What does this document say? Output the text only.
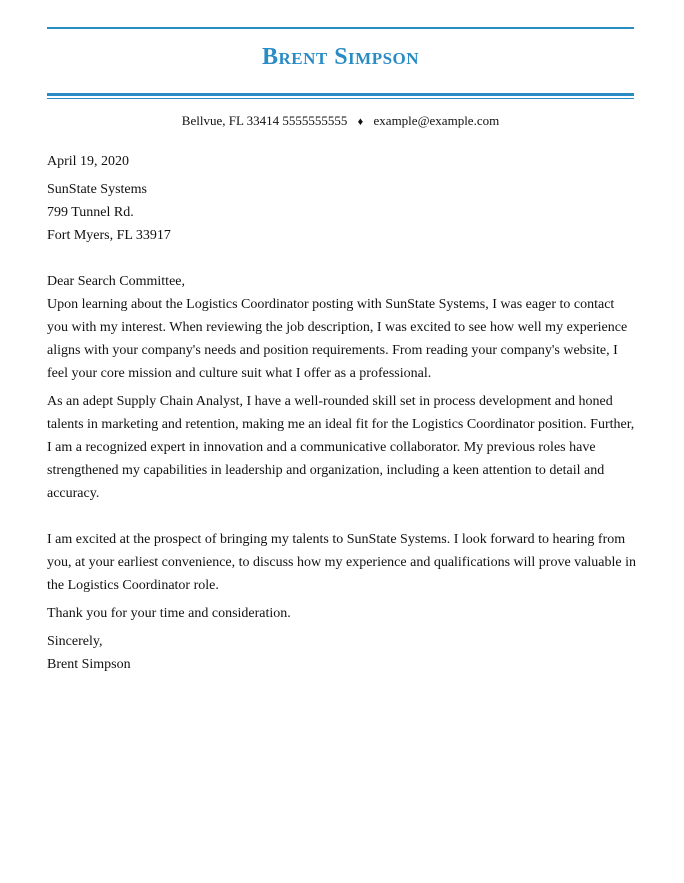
Brent Simpson
Bellvue, FL 33414 5555555555 ♦ example@example.com

April 19, 2020

SunState Systems

799 Tunnel Rd.

Fort Myers, FL 33917

Dear Search Committee,

Upon learning about the Logistics Coordinator posting with SunState Systems, I was eager to contact you with my interest. When reviewing the job description, I was excited to see how well my experience aligns with your company's needs and position requirements. From reading your company's website, I feel your core mission and culture suit what I offer as a professional.

As an adept Supply Chain Analyst, I have a well-rounded skill set in process development and honed talents in marketing and retention, making me an ideal fit for the Logistics Coordinator position. Further, I am a recognized expert in innovation and a communicative collaborator. My previous roles have strengthened my capabilities in leadership and organization, including a keen attention to detail and accuracy.

I am excited at the prospect of bringing my talents to SunState Systems. I look forward to hearing from you, at your earliest convenience, to discuss how my experience and qualifications will prove valuable in the Logistics Coordinator role.

Thank you for your time and consideration.

Sincerely,

Brent Simpson
